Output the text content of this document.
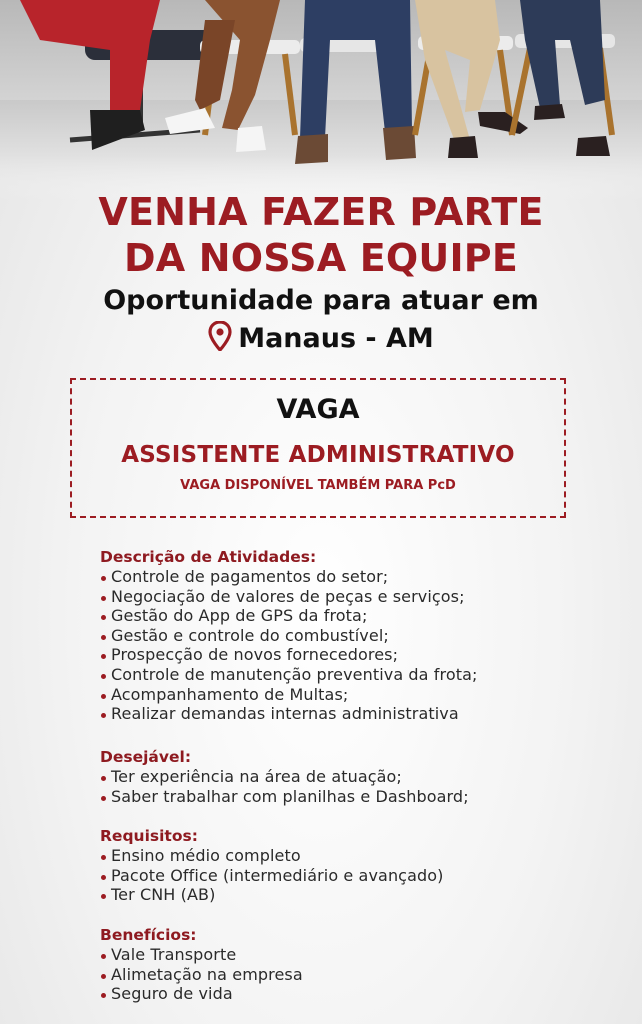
VENHA FAZER PARTE
DA NOSSA EQUIPE
Oportunidade para atuar em
Manaus - AM
VAGA
ASSISTENTE ADMINISTRATIVO
VAGA DISPONÍVEL TAMBÉM PARA PcD
Descrição de Atividades:
Controle de pagamentos do setor;
Negociação de valores de peças e serviços;
Gestão do App de GPS da frota;
Gestão e controle do combustível;
Prospecção de novos fornecedores;
Controle de manutenção preventiva da frota;
Acompanhamento de Multas;
Realizar demandas internas administrativa
Desejável:
Ter experiência na área de atuação;
Saber trabalhar com planilhas e Dashboard;
Requisitos:
Ensino médio completo
Pacote Office (intermediário e avançado)
Ter CNH (AB)
Benefícios:
Vale Transporte
Alimetação na empresa
Seguro de vida
